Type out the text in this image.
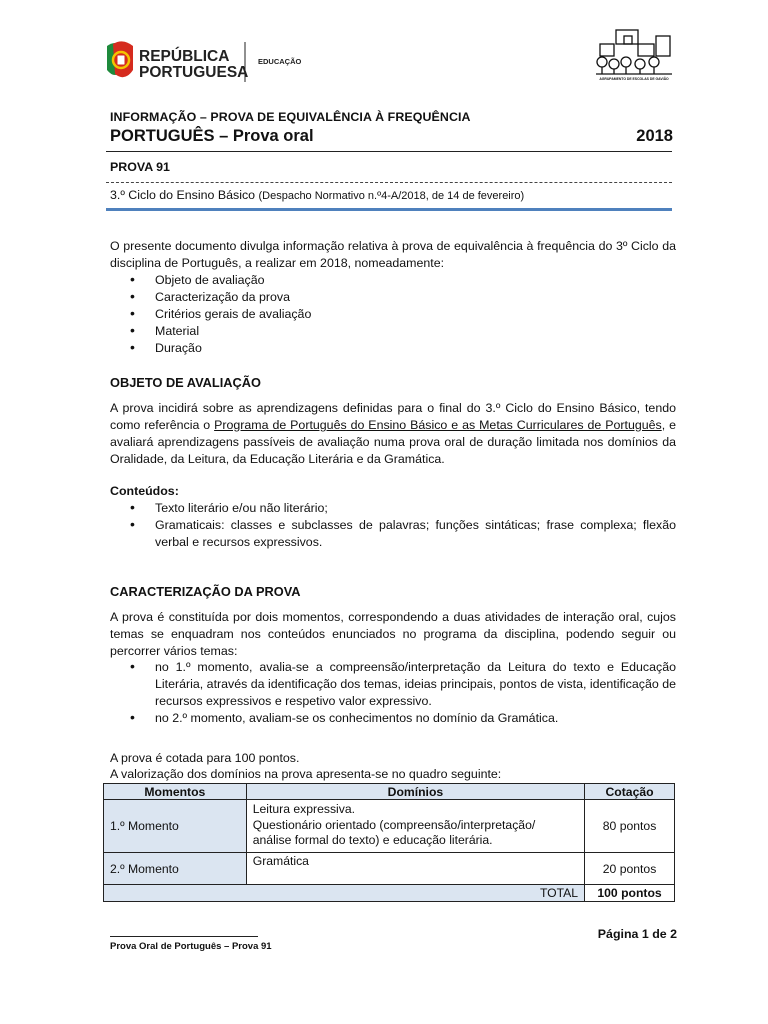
REPÚBLICA
PORTUGUESA
EDUCAÇÃO
AGRUPAMENTO DE ESCOLAS DE GAVIÃO
INFORMAÇÃO – PROVA DE EQUIVALÊNCIA À FREQUÊNCIA
PORTUGUÊS – Prova oral	2018
PROVA 91
3.º Ciclo do Ensino Básico (Despacho Normativo n.º4-A/2018, de 14 de fevereiro)
O presente documento divulga informação relativa à prova de equivalência à frequência do 3º Ciclo da disciplina de Português, a realizar em 2018, nomeadamente:
• Objeto de avaliação
• Caracterização da prova
• Critérios gerais de avaliação
• Material
• Duração
OBJETO DE AVALIAÇÃO
A prova incidirá sobre as aprendizagens definidas para o final do 3.º Ciclo do Ensino Básico, tendo como referência o Programa de Português do Ensino Básico e as Metas Curriculares de Português, e avaliará aprendizagens passíveis de avaliação numa prova oral de duração limitada nos domínios da Oralidade, da Leitura, da Educação Literária e da Gramática.
Conteúdos:
• Texto literário e/ou não literário;
• Gramaticais: classes e subclasses de palavras; funções sintáticas; frase complexa; flexão verbal e recursos expressivos.
CARACTERIZAÇÃO DA PROVA
A prova é constituída por dois momentos, correspondendo a duas atividades de interação oral, cujos temas se enquadram nos conteúdos enunciados no programa da disciplina, podendo seguir ou percorrer vários temas:
• no 1.º momento, avalia-se a compreensão/interpretação da Leitura do texto e Educação Literária, através da identificação dos temas, ideias principais, pontos de vista, identificação de recursos expressivos e respetivo valor expressivo.
• no 2.º momento, avaliam-se os conhecimentos no domínio da Gramática.
A prova é cotada para 100 pontos.
A valorização dos domínios na prova apresenta-se no quadro seguinte:
Momentos	Domínios	Cotação
1.º Momento	Leitura expressiva.
Questionário orientado (compreensão/interpretação/
análise formal do texto) e educação literária.	80 pontos
2.º Momento	Gramática	20 pontos
TOTAL		100 pontos
Página 1 de 2
Prova Oral de Português – Prova 91
